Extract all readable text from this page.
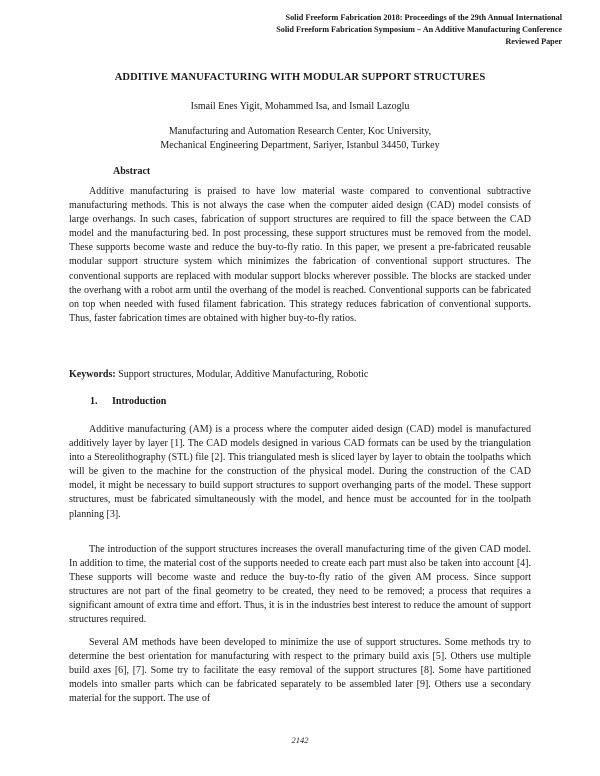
Solid Freeform Fabrication 2018: Proceedings of the 29th Annual International
Solid Freeform Fabrication Symposium – An Additive Manufacturing Conference
Reviewed Paper
ADDITIVE MANUFACTURING WITH MODULAR SUPPORT STRUCTURES
Ismail Enes Yigit, Mohammed Isa, and Ismail Lazoglu
Manufacturing and Automation Research Center, Koc University,
Mechanical Engineering Department, Sariyer, Istanbul 34450, Turkey
Abstract

Additive manufacturing is praised to have low material waste compared to conventional subtractive manufacturing methods. This is not always the case when the computer aided design (CAD) model consists of large overhangs. In such cases, fabrication of support structures are required to fill the space between the CAD model and the manufacturing bed. In post processing, these support structures must be removed from the model. These supports become waste and reduce the buy-to-fly ratio. In this paper, we present a pre-fabricated reusable modular support structure system which minimizes the fabrication of conventional support structures. The conventional supports are replaced with modular support blocks wherever possible. The blocks are stacked under the overhang with a robot arm until the overhang of the model is reached. Conventional supports can be fabricated on top when needed with fused filament fabrication. This strategy reduces fabrication of conventional supports. Thus, faster fabrication times are obtained with higher buy-to-fly ratios.

Keywords: Support structures, Modular, Additive Manufacturing, Robotic
1. Introduction

Additive manufacturing (AM) is a process where the computer aided design (CAD) model is manufactured additively layer by layer [1]. The CAD models designed in various CAD formats can be used by the triangulation into a Stereolithography (STL) file [2]. This triangulated mesh is sliced layer by layer to obtain the toolpaths which will be given to the machine for the construction of the physical model. During the construction of the CAD model, it might be necessary to build support structures to support overhanging parts of the model. These support structures, must be fabricated simultaneously with the model, and hence must be accounted for in the toolpath planning [3].

The introduction of the support structures increases the overall manufacturing time of the given CAD model. In addition to time, the material cost of the supports needed to create each part must also be taken into account [4]. These supports will become waste and reduce the buy-to-fly ratio of the given AM process. Since support structures are not part of the final geometry to be created, they need to be removed; a process that requires a significant amount of extra time and effort. Thus, it is in the industries best interest to reduce the amount of support structures required.

Several AM methods have been developed to minimize the use of support structures. Some methods try to determine the best orientation for manufacturing with respect to the primary build axis [5]. Others use multiple build axes [6], [7]. Some try to facilitate the easy removal of the support structures [8]. Some have partitioned models into smaller parts which can be fabricated separately to be assembled later [9]. Others use a secondary material for the support. The use of

2142
